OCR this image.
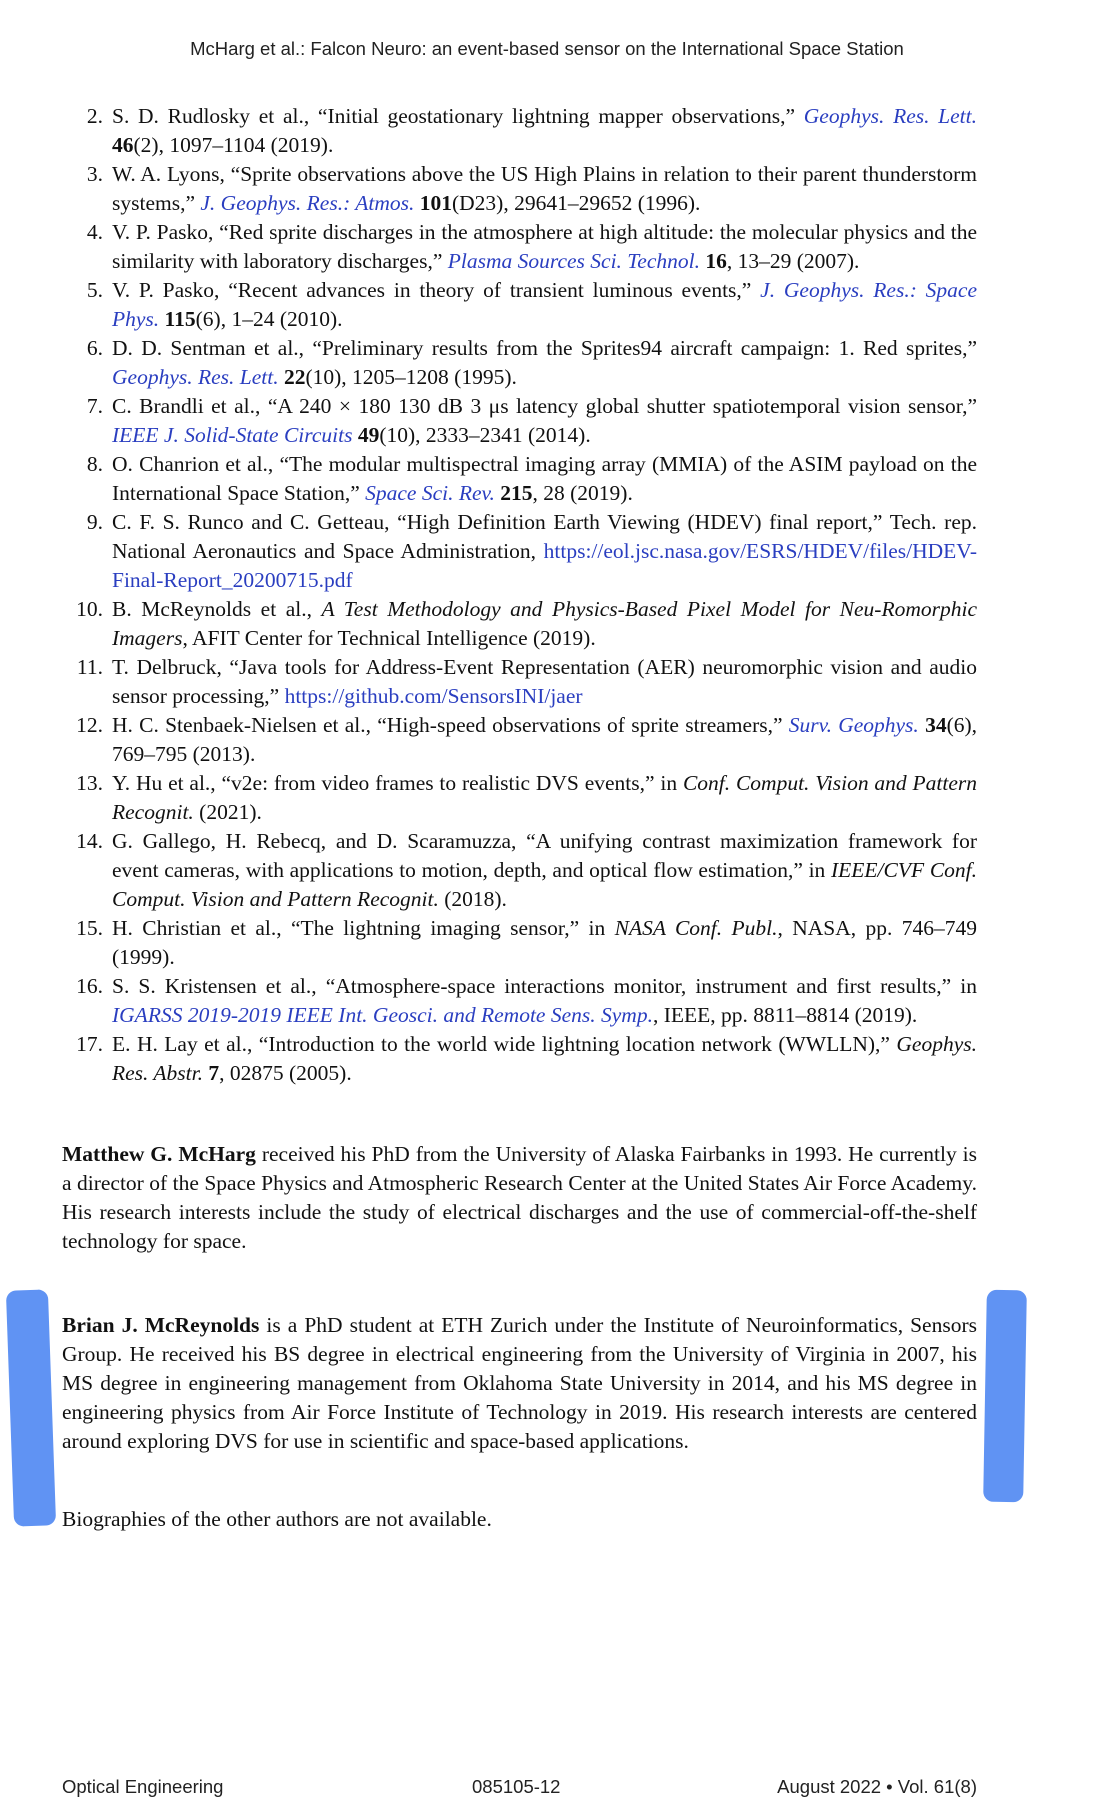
McHarg et al.: Falcon Neuro: an event-based sensor on the International Space Station
2. S. D. Rudlosky et al., “Initial geostationary lightning mapper observations,” Geophys. Res. Lett. 46(2), 1097–1104 (2019).
3. W. A. Lyons, “Sprite observations above the US High Plains in relation to their parent thunderstorm systems,” J. Geophys. Res.: Atmos. 101(D23), 29641–29652 (1996).
4. V. P. Pasko, “Red sprite discharges in the atmosphere at high altitude: the molecular physics and the similarity with laboratory discharges,” Plasma Sources Sci. Technol. 16, 13–29 (2007).
5. V. P. Pasko, “Recent advances in theory of transient luminous events,” J. Geophys. Res.: Space Phys. 115(6), 1–24 (2010).
6. D. D. Sentman et al., “Preliminary results from the Sprites94 aircraft campaign: 1. Red sprites,” Geophys. Res. Lett. 22(10), 1205–1208 (1995).
7. C. Brandli et al., “A 240 × 180 130 dB 3 μs latency global shutter spatiotemporal vision sensor,” IEEE J. Solid-State Circuits 49(10), 2333–2341 (2014).
8. O. Chanrion et al., “The modular multispectral imaging array (MMIA) of the ASIM payload on the International Space Station,” Space Sci. Rev. 215, 28 (2019).
9. C. F. S. Runco and C. Getteau, “High Definition Earth Viewing (HDEV) final report,” Tech. rep. National Aeronautics and Space Administration, https://eol.jsc.nasa.gov/ESRS/HDEV/files/HDEV-Final-Report_20200715.pdf
10. B. McReynolds et al., A Test Methodology and Physics-Based Pixel Model for Neu-Romorphic Imagers, AFIT Center for Technical Intelligence (2019).
11. T. Delbruck, “Java tools for Address-Event Representation (AER) neuromorphic vision and audio sensor processing,” https://github.com/SensorsINI/jaer
12. H. C. Stenbaek-Nielsen et al., “High-speed observations of sprite streamers,” Surv. Geophys. 34(6), 769–795 (2013).
13. Y. Hu et al., “v2e: from video frames to realistic DVS events,” in Conf. Comput. Vision and Pattern Recognit. (2021).
14. G. Gallego, H. Rebecq, and D. Scaramuzza, “A unifying contrast maximization framework for event cameras, with applications to motion, depth, and optical flow estimation,” in IEEE/CVF Conf. Comput. Vision and Pattern Recognit. (2018).
15. H. Christian et al., “The lightning imaging sensor,” in NASA Conf. Publ., NASA, pp. 746–749 (1999).
16. S. S. Kristensen et al., “Atmosphere-space interactions monitor, instrument and first results,” in IGARSS 2019-2019 IEEE Int. Geosci. and Remote Sens. Symp., IEEE, pp. 8811–8814 (2019).
17. E. H. Lay et al., “Introduction to the world wide lightning location network (WWLLN),” Geophys. Res. Abstr. 7, 02875 (2005).

Matthew G. McHarg received his PhD from the University of Alaska Fairbanks in 1993. He currently is a director of the Space Physics and Atmospheric Research Center at the United States Air Force Academy. His research interests include the study of electrical discharges and the use of commercial-off-the-shelf technology for space.

Brian J. McReynolds is a PhD student at ETH Zurich under the Institute of Neuroinformatics, Sensors Group. He received his BS degree in electrical engineering from the University of Virginia in 2007, his MS degree in engineering management from Oklahoma State University in 2014, and his MS degree in engineering physics from Air Force Institute of Technology in 2019. His research interests are centered around exploring DVS for use in scientific and space-based applications.

Biographies of the other authors are not available.

Optical Engineering	085105-12	August 2022 • Vol. 61(8)
